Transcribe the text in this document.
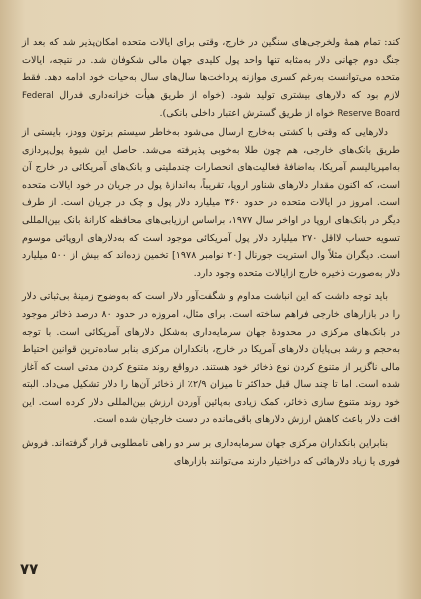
کند: تمام همهٔ ولخرجی‌های سنگین در خارج، وقتی برای ایالات متحده امکان‌پذیر شد که بعد از جنگ دوم جهانی دلار به‌مثابه تنها واحد پول کلیدی جهان مالی شکوفان شد. در نتیجه، ایالات متحده می‌توانست به‌رغم کسری موازنه پرداخت‌ها سال‌های سال به‌حیات خود ادامه دهد. فقط لازم بود که دلارهای بیشتری تولید شود. (خواه از طریق هیأت خزانه‌داری فدرال Federal Reserve Board خواه از طریق گسترش اعتبار داخلی بانکی).

دلارهایی که وقتی با کشتی به‌خارج ارسال می‌شود به‌خاطر سیستم برتون وودز، بایستی از طریق بانک‌های خارجی، هم چون طلا به‌خوبی پذیرفته می‌شد. حاصل این شیوهٔ پول‌پردازی به‌امپریالیسم آمریکا، به‌اضافهٔ فعالیت‌های انحصارات چندملیتی و بانک‌های آمریکائی در خارج آن است، که اکنون مقدار دلارهای شناور اروپا، تقریباً، به‌اندازهٔ پول در جریان در خود ایالات متحده است. امروز در ایالات متحده در حدود ۳۶۰ میلیارد دلار پول و چک در جریان است. از طرف دیگر در بانک‌های اروپا در اواخر سال ۱۹۷۷، براساس ارزیابی‌های محافظه کارانهٔ بانک بین‌المللی تسویه حساب لااقل ۲۷۰ میلیارد دلار پول آمریکائی موجود است که به‌دلارهای اروپائی موسوم است. دیگران مثلاً وال استریت جورنال [۲۰ نوامبر ۱۹۷۸] تخمین زده‌اند که بیش از ۵۰۰ میلیارد دلار به‌صورت ذخیره خارج ازایالات متحده وجود دارد.

باید توجه داشت که این انباشت مداوم و شگفت‌آور دلار است که به‌وضوح زمینهٔ بی‌ثباتی دلار را در بازارهای خارجی فراهم ساخته است. برای مثال، امروزه در حدود ۸۰ درصد ذخائر موجود در بانک‌های مرکزی در محدودهٔ جهان سرمایه‌داری به‌شکل دلارهای آمریکائی است. با توجه به‌حجم و رشد بی‌پایان دلارهای آمریکا در خارج، بانکداران مرکزی بنابر ساده‌ترین قوانین احتیاط مالی ناگزیر از متنوع کردن نوع ذخائر خود هستند. درواقع روند متنوع کردن مدتی است که آغاز شده است. اما تا چند سال قبل حداکثر تا میزان ۲/۹٪ از ذخائر آن‌ها را دلار تشکیل می‌داد. البته خود روند متنوع سازی ذخائر، کمک زیادی به‌پائین آوردن ارزش بین‌المللی دلار کرده است. این افت دلار باعث کاهش ارزش دلارهای باقی‌مانده در دست خارجیان شده است.

بنابراین بانکداران مرکزی جهان سرمایه‌داری بر سر دو راهی نامطلوبی قرار گرفته‌اند. فروش فوری یا زیاد دلارهائی که دراختیار دارند می‌توانند بازارهای

۷۷
